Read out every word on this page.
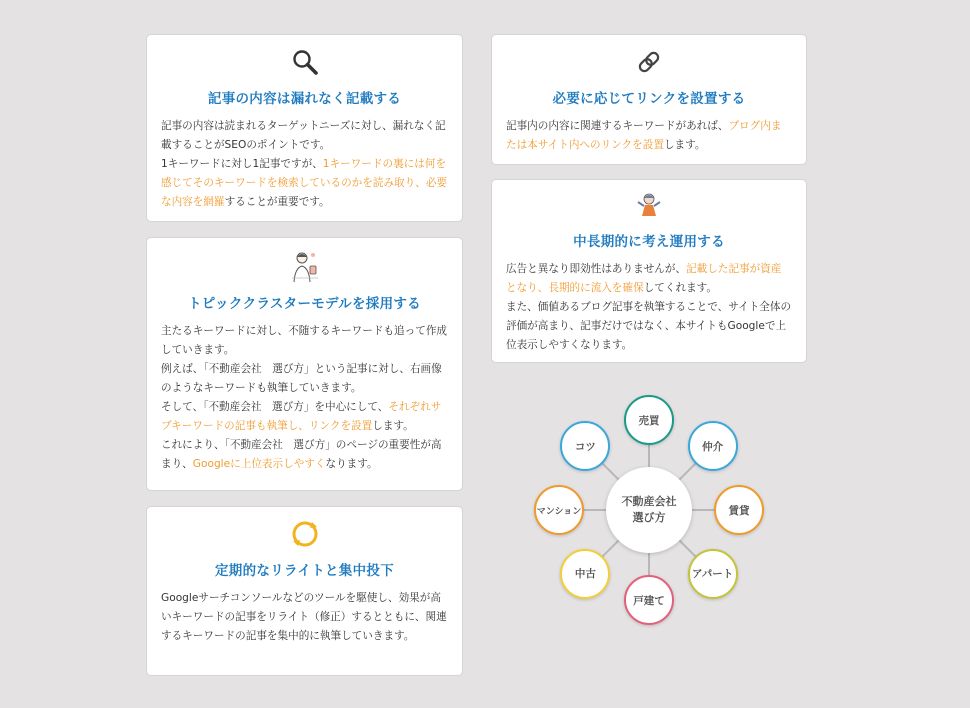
記事の内容は漏れなく記載する

記事の内容は読まれるターゲットニーズに対し、漏れなく記載することがSEOのポイントです。
1キーワードに対し1記事ですが、1キーワードの裏には何を感じてそのキーワードを検索しているのかを読み取り、必要な内容を網羅することが重要です。

トピッククラスターモデルを採用する

主たるキーワードに対し、不随するキーワードも追って作成していきます。
例えば、「不動産会社　選び方」という記事に対し、右画像のようなキーワードも執筆していきます。
そして、「不動産会社　選び方」を中心にして、それぞれサブキーワードの記事も執筆し、リンクを設置します。
これにより、「不動産会社　選び方」のページの重要性が高まり、Googleに上位表示しやすくなります。

定期的なリライトと集中投下

Googleサーチコンソールなどのツールを駆使し、効果が高いキーワードの記事をリライト（修正）するとともに、関連するキーワードの記事を集中的に執筆していきます。

必要に応じてリンクを設置する

記事内の内容に関連するキーワードがあれば、ブログ内または本サイト内へのリンクを設置します。

中長期的に考え運用する

広告と異なり即効性はありませんが、記載した記事が資産となり、長期的に流入を確保してくれます。
また、価値あるブログ記事を執筆することで、サイト全体の評価が高まり、記事だけではなく、本サイトもGoogleで上位表示しやすくなります。

不動産会社
選び方
売買
仲介
賃貸
アパート
戸建て
中古
マンション
コツ
